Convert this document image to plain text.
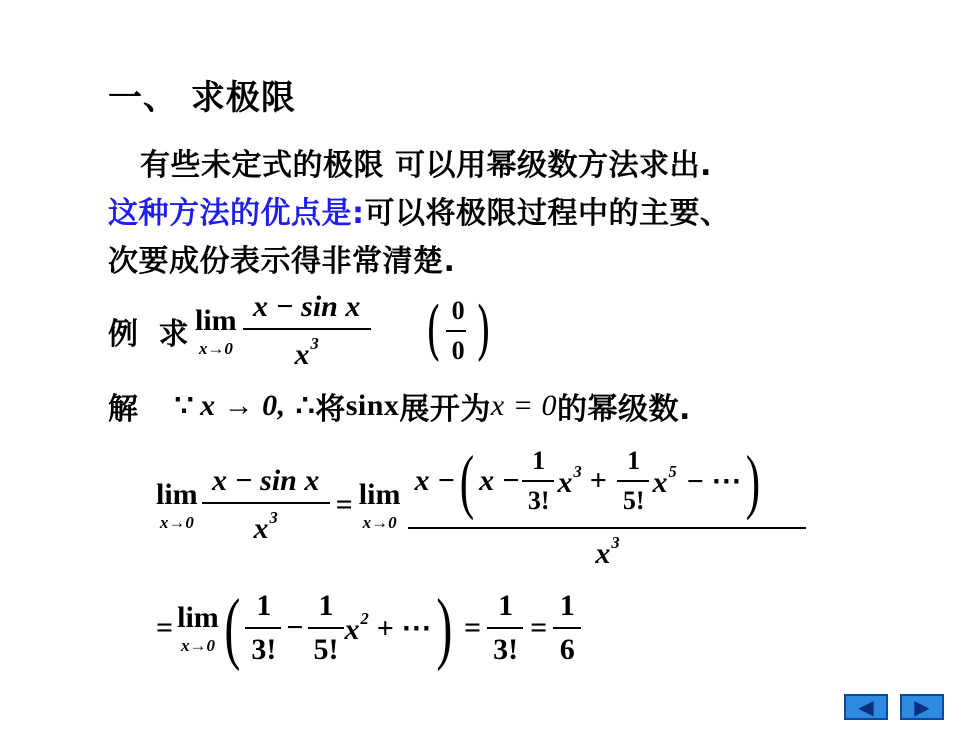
一、 求极限
有些未定式的极限 可以用幂级数方法求出.
这种方法的优点是:可以将极限过程中的主要、
次要成份表示得非常清楚.
例 求 lim
$x\to 0 \frac{\text{x − sin x}}{x^3}$ ( $\frac{0}{0}$ )
解 ∵ x → 0, ∴ 将 sinx 展开为 x = 0 的幂级数.
lim
$x\to 0 \frac{\text{x − sin x}}{x^3} = \lim$
x→0
x − ( $x - \frac{1}{3!} x^3 + \frac{1}{5!} x^5$ − ⋯ )
$x^3$
= lim
x→0 ( $\frac{1}{3!} - \frac{1}{5!} x^2$ + ⋯ ) = $\frac{1}{3!} = \frac{1}{6}$
◀ ▶
